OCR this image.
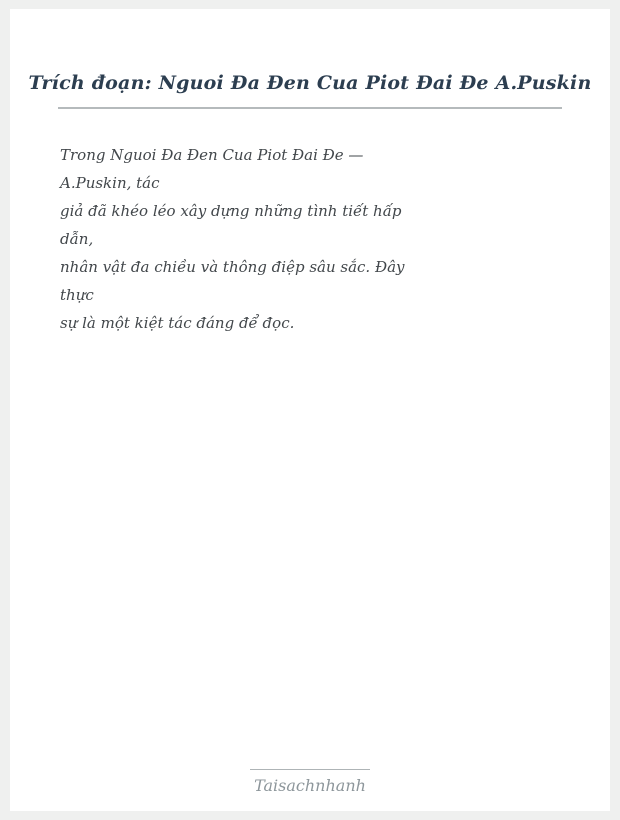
Trích đoạn: Nguoi Đa Đen Cua Piot Đai Đe A.Puskin

Trong Nguoi Đa Đen Cua Piot Đai Đe —

A.Puskin, tác

giả đã khéo léo xây dựng những tình tiết hấp

dẫn,

nhân vật đa chiều và thông điệp sâu sắc. Đây

thực

sự là một kiệt tác đáng để đọc.

Taisachnhanh
